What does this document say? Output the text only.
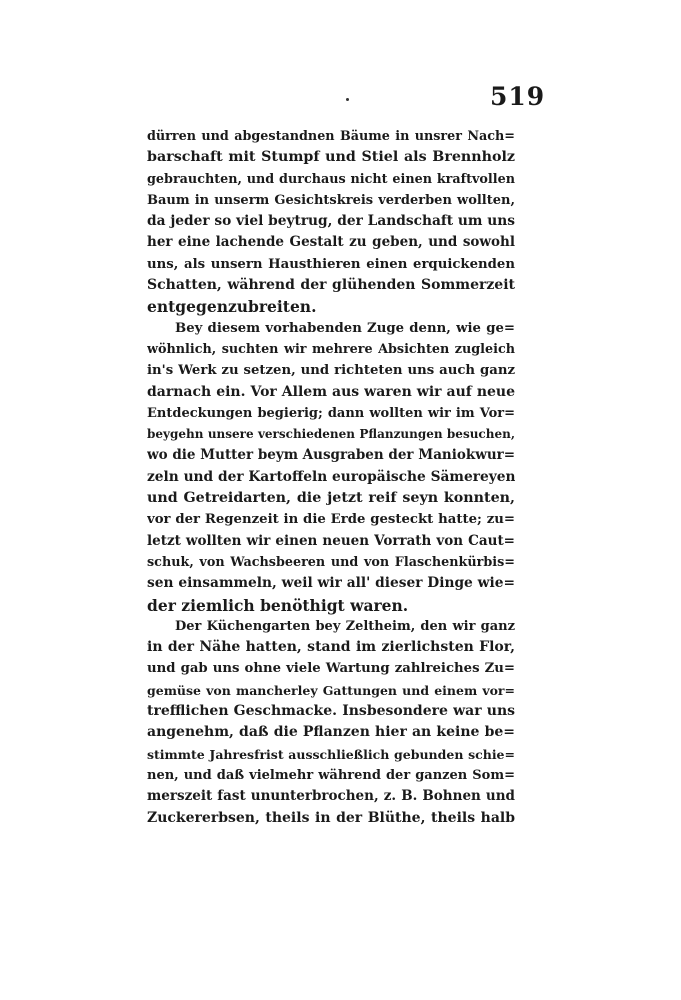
519
dürren und abgestandnen Bäume in unsrer Nach=
barschaft mit Stumpf und Stiel als Brennholz
gebrauchten, und durchaus nicht einen kraftvollen
Baum in unserm Gesichtskreis verderben wollten,
da jeder so viel beytrug, der Landschaft um uns
her eine lachende Gestalt zu geben, und sowohl
uns, als unsern Hausthieren einen erquickenden
Schatten, während der glühenden Sommerzeit
entgegenzubreiten.
Bey diesem vorhabenden Zuge denn, wie ge=
wöhnlich, suchten wir mehrere Absichten zugleich
in's Werk zu setzen, und richteten uns auch ganz
darnach ein. Vor Allem aus waren wir auf neue
Entdeckungen begierig; dann wollten wir im Vor=
beygehn unsere verschiedenen Pflanzungen besuchen,
wo die Mutter beym Ausgraben der Maniokwur=
zeln und der Kartoffeln europäische Sämereyen
und Getreidarten, die jetzt reif seyn konnten,
vor der Regenzeit in die Erde gesteckt hatte; zu=
letzt wollten wir einen neuen Vorrath von Caut=
schuk, von Wachsbeeren und von Flaschenkürbis=
sen einsammeln, weil wir all' dieser Dinge wie=
der ziemlich benöthigt waren.
Der Küchengarten bey Zeltheim, den wir ganz
in der Nähe hatten, stand im zierlichsten Flor,
und gab uns ohne viele Wartung zahlreiches Zu=
gemüse von mancherley Gattungen und einem vor=
trefflichen Geschmacke. Insbesondere war uns
angenehm, daß die Pflanzen hier an keine be=
stimmte Jahresfrist ausschließlich gebunden schie=
nen, und daß vielmehr während der ganzen Som=
merszeit fast ununterbrochen, z. B. Bohnen und
Zuckererbsen, theils in der Blüthe, theils halb
